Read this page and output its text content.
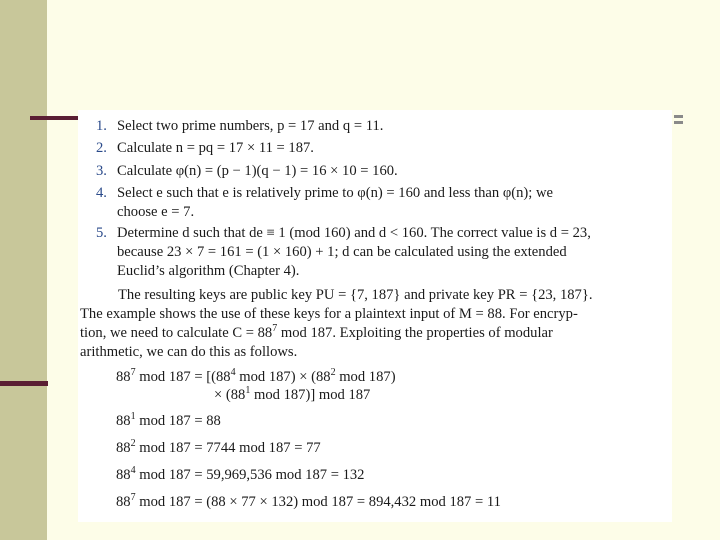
1. Select two prime numbers, p = 17 and q = 11.
2. Calculate n = pq = 17 × 11 = 187.
3. Calculate φ(n) = (p − 1)(q − 1) = 16 × 10 = 160.
4. Select e such that e is relatively prime to φ(n) = 160 and less than φ(n); we
choose e = 7.
5. Determine d such that de ≡ 1 (mod 160) and d < 160. The correct value is d = 23,
because 23 × 7 = 161 = (1 × 160) + 1; d can be calculated using the extended
Euclid’s algorithm (Chapter 4).
The resulting keys are public key PU = {7, 187} and private key PR = {23, 187}.
The example shows the use of these keys for a plaintext input of M = 88. For encryp-
tion, we need to calculate $C = 88^7$ mod 187. Exploiting the properties of modular
arithmetic, we can do this as follows.
$88^7$ mod $187 = [(88^4$ mod $187) \times (88^2$ mod 187)
× ($88^1$ mod 187)] mod 187
$88^1$ mod 187 = 88
$88^2$ mod 187 = 7744 mod 187 = 77
$88^4$ mod 187 = 59,969,536 mod 187 = 132
$88^7$ mod 187 = (88 × 77 × 132) mod 187 = 894,432 mod 187 = 11
